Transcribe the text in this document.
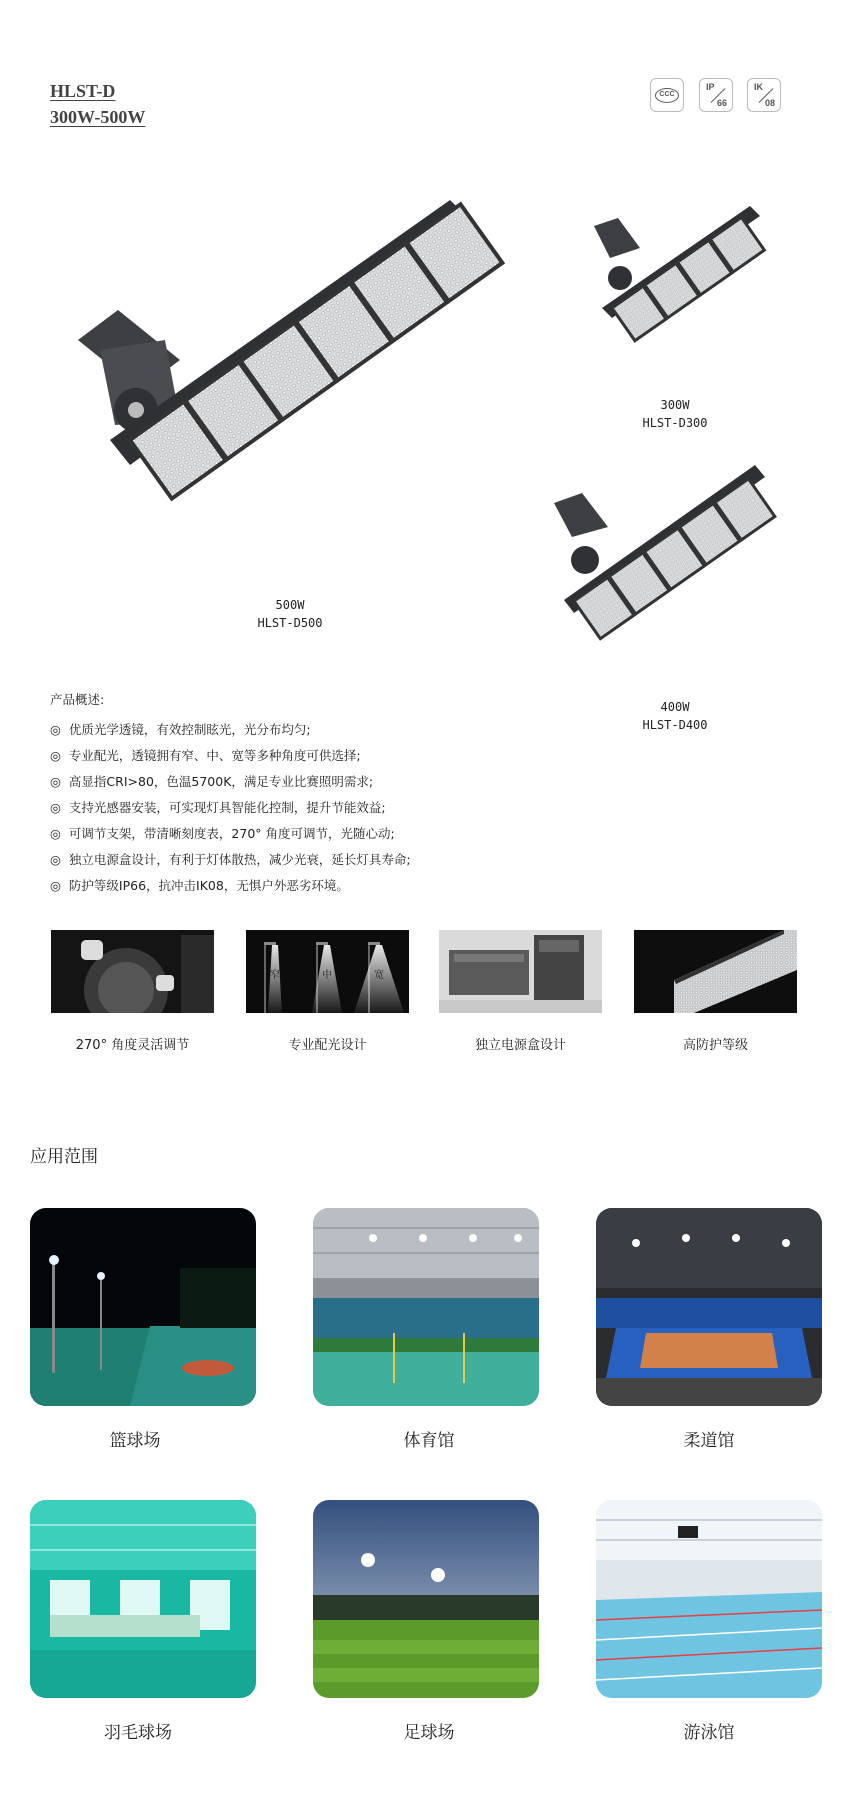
HLST-D
300W-500W
CCC
IP
66
IK
08
500W
HLST-D500
300W
HLST-D300
400W
HLST-D400
产品概述:
◎ 优质光学透镜，有效控制眩光，光分布均匀;
◎ 专业配光，透镜拥有窄、中、宽等多种角度可供选择;
◎ 高显指CRI>80，色温5700K，满足专业比赛照明需求;
◎ 支持光感器安装，可实现灯具智能化控制，提升节能效益;
◎ 可调节支架，带清晰刻度表，270° 角度可调节，光随心动;
◎ 独立电源盒设计，有利于灯体散热，减少光衰，延长灯具寿命;
◎ 防护等级IP66，抗冲击IK08，无惧户外恶劣环境。
窄	中	宽
270° 角度灵活调节	专业配光设计	独立电源盒设计	高防护等级
应用范围
篮球场	体育馆	柔道馆
羽毛球场	足球场	游泳馆
